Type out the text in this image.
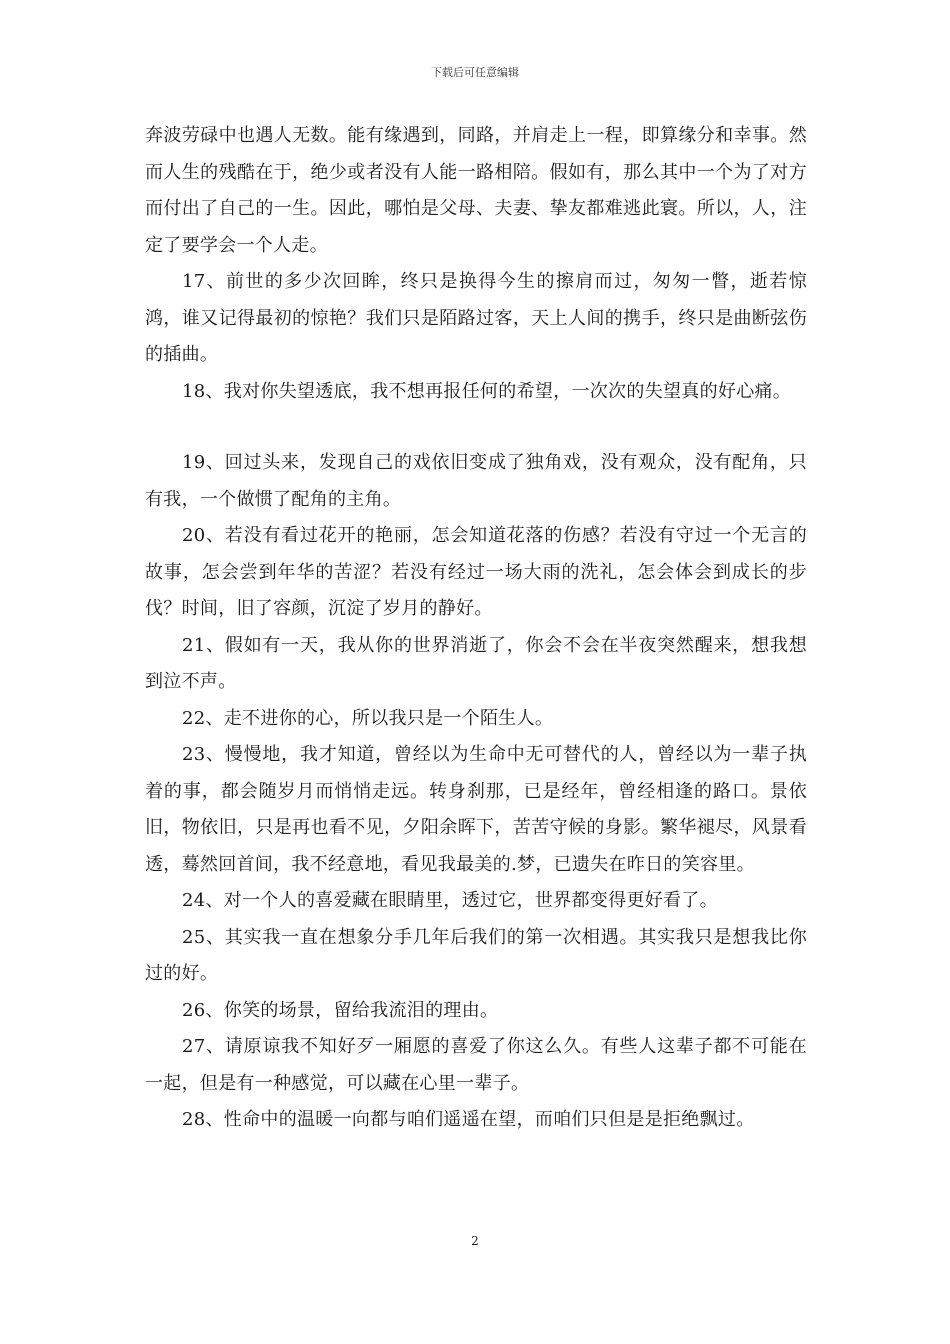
下载后可任意编辑

奔波劳碌中也遇人无数。能有缘遇到，同路，并肩走上一程，即算缘分和幸事。然而人生的残酷在于，绝少或者没有人能一路相陪。假如有，那么其中一个为了对方而付出了自己的一生。因此，哪怕是父母、夫妻、挚友都难逃此寰。所以，人，注定了要学会一个人走。

17、前世的多少次回眸，终只是换得今生的擦肩而过，匆匆一瞥，逝若惊鸿，谁又记得最初的惊艳？我们只是陌路过客，天上人间的携手，终只是曲断弦伤的插曲。

18、我对你失望透底，我不想再报任何的希望，一次次的失望真的好心痛。

19、回过头来，发现自己的戏依旧变成了独角戏，没有观众，没有配角，只有我，一个做惯了配角的主角。

20、若没有看过花开的艳丽，怎会知道花落的伤感？若没有守过一个无言的故事，怎会尝到年华的苦涩？若没有经过一场大雨的洗礼，怎会体会到成长的步伐？时间，旧了容颜，沉淀了岁月的静好。

21、假如有一天，我从你的世界消逝了，你会不会在半夜突然醒来，想我想到泣不声。

22、走不进你的心，所以我只是一个陌生人。

23、慢慢地，我才知道，曾经以为生命中无可替代的人，曾经以为一辈子执着的事，都会随岁月而悄悄走远。转身刹那，已是经年，曾经相逢的路口。景依旧，物依旧，只是再也看不见，夕阳余晖下，苦苦守候的身影。繁华褪尽，风景看透，蓦然回首间，我不经意地，看见我最美的.梦，已遗失在昨日的笑容里。

24、对一个人的喜爱藏在眼睛里，透过它，世界都变得更好看了。

25、其实我一直在想象分手几年后我们的第一次相遇。其实我只是想我比你过的好。

26、你笑的场景，留给我流泪的理由。

27、请原谅我不知好歹一厢愿的喜爱了你这么久。有些人这辈子都不可能在一起，但是有一种感觉，可以藏在心里一辈子。

28、性命中的温暖一向都与咱们遥遥在望，而咱们只但是是拒绝飘过。

2
